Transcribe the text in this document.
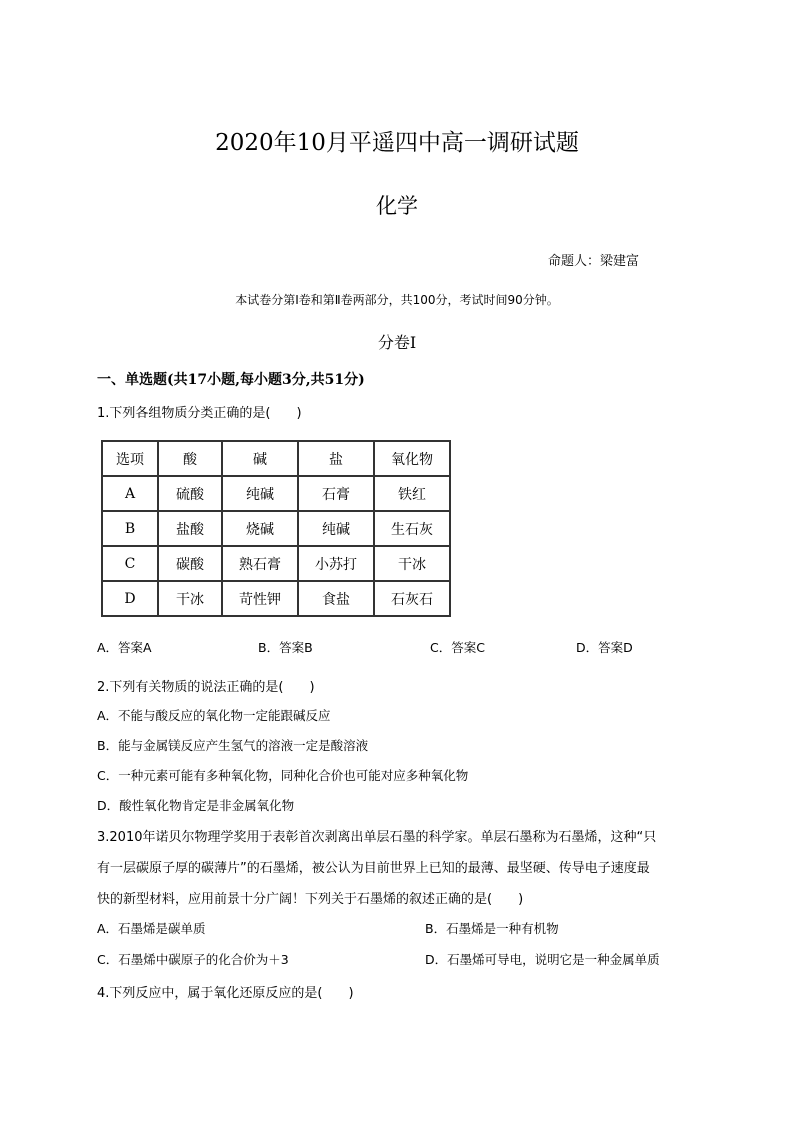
2020年10月平遥四中高一调研试题
化学
命题人：梁建富
本试卷分第Ⅰ卷和第Ⅱ卷两部分，共100分，考试时间90分钟。
分卷Ⅰ
一、单选题(共17小题,每小题3分,共51分)
1.下列各组物质分类正确的是(　　)
选项	酸	碱	盐	氧化物
A	硫酸	纯碱	石膏	铁红
B	盐酸	烧碱	纯碱	生石灰
C	碳酸	熟石膏	小苏打	干冰
D	干冰	苛性钾	食盐	石灰石
A．答案A	B．答案B	C．答案C	D．答案D
2.下列有关物质的说法正确的是(　　)
A．不能与酸反应的氧化物一定能跟碱反应
B．能与金属镁反应产生氢气的溶液一定是酸溶液
C．一种元素可能有多种氧化物，同种化合价也可能对应多种氧化物
D．酸性氧化物肯定是非金属氧化物
3.2010年诺贝尔物理学奖用于表彰首次剥离出单层石墨的科学家。单层石墨称为石墨烯，这种“只
有一层碳原子厚的碳薄片”的石墨烯，被公认为目前世界上已知的最薄、最坚硬、传导电子速度最
快的新型材料，应用前景十分广阔！下列关于石墨烯的叙述正确的是(　　)
A．石墨烯是碳单质	B．石墨烯是一种有机物
C．石墨烯中碳原子的化合价为＋3	D．石墨烯可导电，说明它是一种金属单质
4.下列反应中，属于氧化还原反应的是(　　)
